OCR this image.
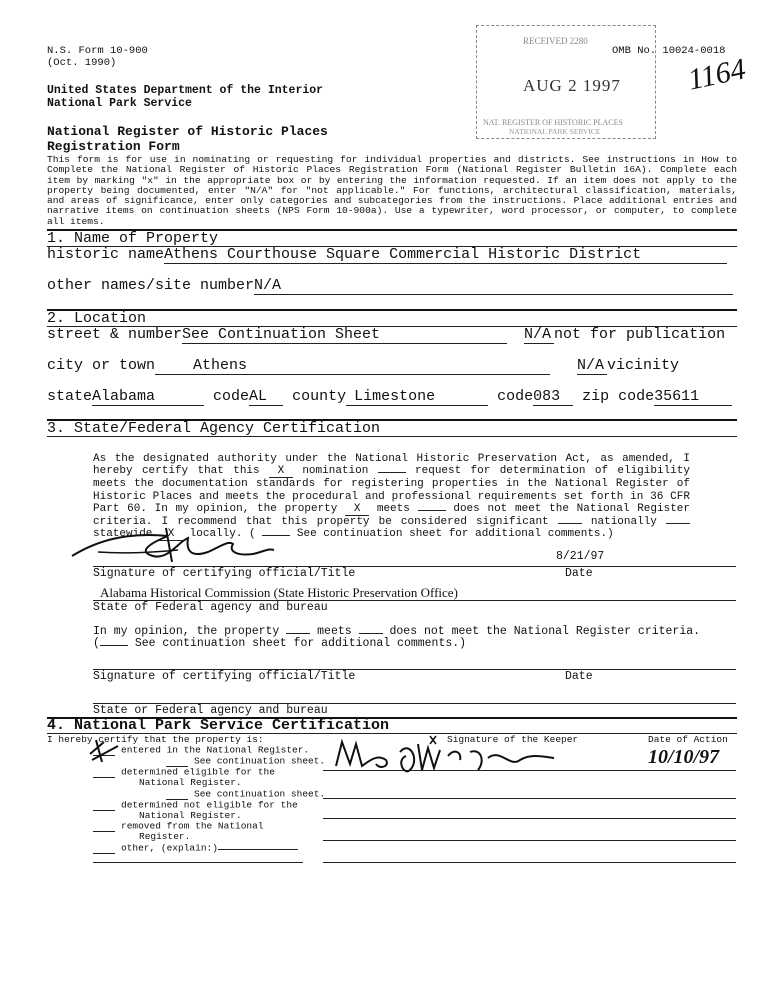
N.S. Form 10-900
(Oct. 1990)
United States Department of the Interior
National Park Service
National Register of Historic Places
Registration Form
OMB No. 10024-0018
RECEIVED 2280
AUG 2 1997
NAT. REGISTER OF HISTORIC PLACES
NATIONAL PARK SERVICE
1164
This form is for use in nominating or requesting for individual properties and districts. See instructions in How to Complete the National Register of Historic Places Registration Form (National Register Bulletin 16A). Complete each item by marking "x" in the appropriate box or by entering the information requested. If an item does not apply to the property being documented, enter "N/A" for "not applicable." For functions, architectural classification, materials, and areas of significance, enter only categories and subcategories from the instructions. Place additional entries and narrative items on continuation sheets (NPS Form 10-900a). Use a typewriter, word processor, or computer, to complete all items.
1. Name of Property
historic nameAthens Courthouse Square Commercial Historic District
other names/site numberN/A
2. Location
street & numberSee Continuation Sheet	N/A not for publication
city or town	Athens	N/A vicinity
stateAlabama	codeAL county Limestone	code083 zip code35611
3. State/Federal Agency Certification
As the designated authority under the National Historic Preservation Act, as amended, I hereby certify that this X nomination	request for determination of eligibility meets the documentation standards for registering properties in the National Register of Historic Places and meets the procedural and professional requirements set forth in 36 CFR Part 60. In my opinion, the property X meets	does not meet the National Register criteria. I recommend that this property be considered significant	nationally  statewide X locally. (	See continuation sheet for additional comments.)
8/21/97
Signature of certifying official/Title	Date
Alabama Historical Commission (State Historic Preservation Office)
State of Federal agency and bureau
In my opinion, the property	meets	does not meet the National Register criteria.
(	See continuation sheet for additional comments.)
Signature of certifying official/Title	Date
State or Federal agency and bureau
4. National Park Service Certification
I hereby certify that the property is:	Signature of the Keeper	Date of Action
entered in the National Register.
See continuation sheet.
determined eligible for the
National Register.
See continuation sheet.
determined not eligible for the
National Register.
removed from the National
Register.
other, (explain:)
10/10/97
